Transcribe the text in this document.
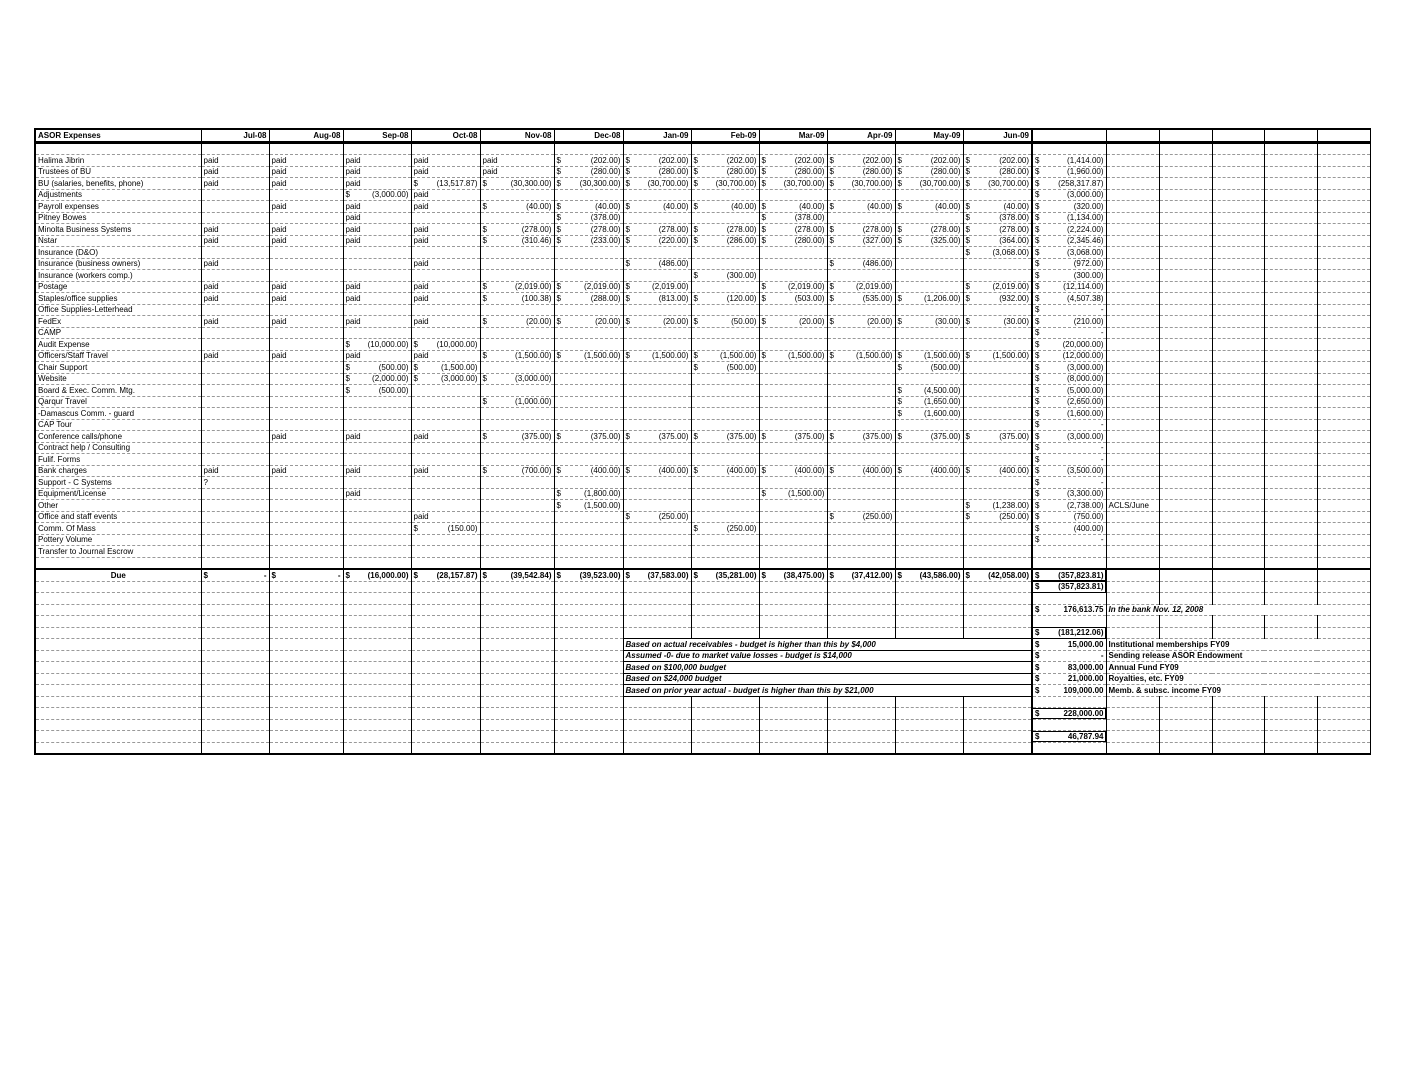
ASOR Expenses	Jul-08	Aug-08	Sep-08	Oct-08	Nov-08	Dec-08	Jan-09	Feb-09	Mar-09	Apr-09	May-09	Jun-09						

Halima Jibrin	paid	paid	paid	paid	paid	$ (202.00)	$ (202.00)	$ (202.00)	$ (202.00)	$ (202.00)	$ (202.00)	$ (202.00)	$ (1,414.00)					

Trustees of BU	paid	paid	paid	paid	paid	$ (280.00)	$ (280.00)	$ (280.00)	$ (280.00)	$ (280.00)	$ (280.00)	$ (280.00)	$ (1,960.00)					

BU (salaries, benefits, phone)	paid	paid	paid	$ (13,517.87)	$ (30,300.00)	$ (30,300.00)	$ (30,700.00)	$ (30,700.00)	$ (30,700.00)	$ (30,700.00)	$ (30,700.00)	$ (30,700.00)	$ (258,317.87)					

Adjustments			$ (3,000.00)	paid									$ (3,000.00)					

Payroll expenses		paid	paid	paid	$ (40.00)	$ (40.00)	$ (40.00)	$ (40.00)	$ (40.00)	$ (40.00)	$ (40.00)	$ (40.00)	$ (320.00)					

Pitney Bowes			paid			$ (378.00)			$ (378.00)			$ (378.00)	$ (1,134.00)					

Minolta Business Systems	paid	paid	paid	paid	$ (278.00)	$ (278.00)	$ (278.00)	$ (278.00)	$ (278.00)	$ (278.00)	$ (278.00)	$ (278.00)	$ (2,224.00)					

Nstar	paid	paid	paid	paid	$ (310.46)	$ (233.00)	$ (220.00)	$ (286.00)	$ (280.00)	$ (327.00)	$ (325.00)	$ (364.00)	$ (2,345.46)					

Insurance (D&O)												$ (3,068.00)	$ (3,068.00)					

Insurance (business owners)	paid			paid			$ (486.00)			$ (486.00)			$ (972.00)					

Insurance (workers comp.)								$ (300.00)					$ (300.00)					

Postage	paid	paid	paid	paid	$ (2,019.00)	$ (2,019.00)	$ (2,019.00)		$ (2,019.00)	$ (2,019.00)		$ (2,019.00)	$ (12,114.00)					

Staples/office supplies	paid	paid	paid	paid	$ (100.38)	$ (288.00)	$ (813.00)	$ (120.00)	$ (503.00)	$ (535.00)	$ (1,206.00)	$ (932.00)	$ (4,507.38)					

Office Supplies-Letterhead													$ -					

FedEx	paid	paid	paid	paid	$ (20.00)	$ (20.00)	$ (20.00)	$ (50.00)	$ (20.00)	$ (20.00)	$ (30.00)	$ (30.00)	$ (210.00)					

CAMP													$ -					

Audit Expense			$ (10,000.00)	$ (10,000.00)									$ (20,000.00)					

Officers/Staff Travel	paid	paid	paid	paid	$ (1,500.00)	$ (1,500.00)	$ (1,500.00)	$ (1,500.00)	$ (1,500.00)	$ (1,500.00)	$ (1,500.00)	$ (1,500.00)	$ (12,000.00)					

Chair Support			$ (500.00)	$ (1,500.00)				$ (500.00)			$ (500.00)		$ (3,000.00)					

Website			$ (2,000.00)	$ (3,000.00)	$ (3,000.00)								$ (8,000.00)					

Board & Exec. Comm. Mtg.			$ (500.00)								$ (4,500.00)		$ (5,000.00)					

Qarqur Travel					$ (1,000.00)						$ (1,650.00)		$ (2,650.00)					

-Damascus Comm. - guard											$ (1,600.00)		$ (1,600.00)					

CAP Tour													$ -					

Conference calls/phone		paid	paid	paid	$ (375.00)	$ (375.00)	$ (375.00)	$ (375.00)	$ (375.00)	$ (375.00)	$ (375.00)	$ (375.00)	$ (3,000.00)					

Contract help / Consulting													$ -					

Fulif. Forms													$ -					

Bank charges	paid	paid	paid	paid	$ (700.00)	$ (400.00)	$ (400.00)	$ (400.00)	$ (400.00)	$ (400.00)	$ (400.00)	$ (400.00)	$ (3,500.00)					

Support - C Systems	?												$ -					

Equipment/License			paid			$ (1,800.00)			$ (1,500.00)				$ (3,300.00)					

Other						$ (1,500.00)						$ (1,238.00)	$ (2,738.00)	ACLS/June				
Office and staff events				paid			$ (250.00)			$ (250.00)		$ (250.00)	$ (750.00)					

Comm. Of Mass				$ (150.00)				$ (250.00)					$ (400.00)					

Pottery Volume													$ -					

Transfer to Journal Escrow																		

Due	$ -	$ -	$ (16,000.00)	$ (28,157.87)	$ (39,542.84)	$ (39,523.00)	$ (37,583.00)	$ (35,281.00)	$ (38,475.00)	$ (37,412.00)	$ (43,586.00)	$ (42,058.00)	$ (357,823.81)					

													$ (357,823.81)					

													$ 176,613.75	In the bank Nov. 12, 2008				

													$ (181,212.06)					

							Based on actual receivables - budget is higher than this by $4,000						$ 15,000.00	Institutional memberships FY09				
							Assumed -0- due to market value losses - budget is $14,000						$ -	Sending release ASOR Endowment				
							Based on $100,000 budget						$ 83,000.00	Annual Fund FY09				
							Based on $24,000 budget						$ 21,000.00	Royalties, etc. FY09				
							Based on prior year actual - budget is higher than this by $21,000						$ 109,000.00	Memb. & subsc. income FY09				

													$ 228,000.00					

													$ 46,787.94					
